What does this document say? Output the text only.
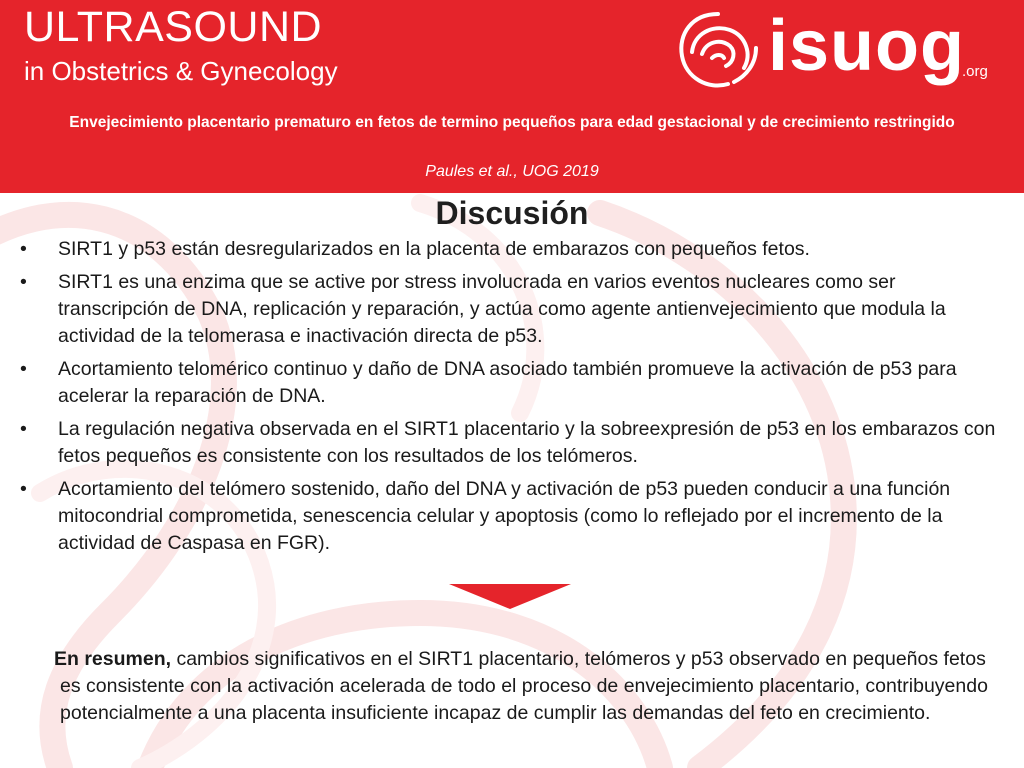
ULTRASOUND
in Obstetrics & Gynecology	isuog
.org
Envejecimiento placentario prematuro en fetos de termino pequeños para edad gestacional y de crecimiento restringido
Paules et al., UOG 2019
Discusión
• SIRT1 y p53 están desregularizados en la placenta de embarazos con pequeños fetos.
• SIRT1 es una enzima que se active por stress involucrada en varios eventos nucleares como ser transcripción de DNA, replicación y reparación, y actúa como agente antienvejecimiento que modula la actividad de la telomerasa e inactivación directa de p53.
• Acortamiento telomérico continuo y daño de DNA asociado también promueve la activación de p53 para acelerar la reparación de DNA.
• La regulación negativa observada en el SIRT1 placentario y la sobreexpresión de p53 en los embarazos con fetos pequeños es consistente con los resultados de los telómeros.
• Acortamiento del telómero sostenido, daño del DNA y activación de p53 pueden conducir a una función mitocondrial comprometida, senescencia celular y apoptosis (como lo reflejado por el incremento de la actividad de Caspasa en FGR).
En resumen, cambios significativos en el SIRT1 placentario, telómeros y p53 observado en pequeños fetos es consistente con la activación acelerada de todo el proceso de envejecimiento placentario, contribuyendo potencialmente a una placenta insuficiente incapaz de cumplir las demandas del feto en crecimiento.
